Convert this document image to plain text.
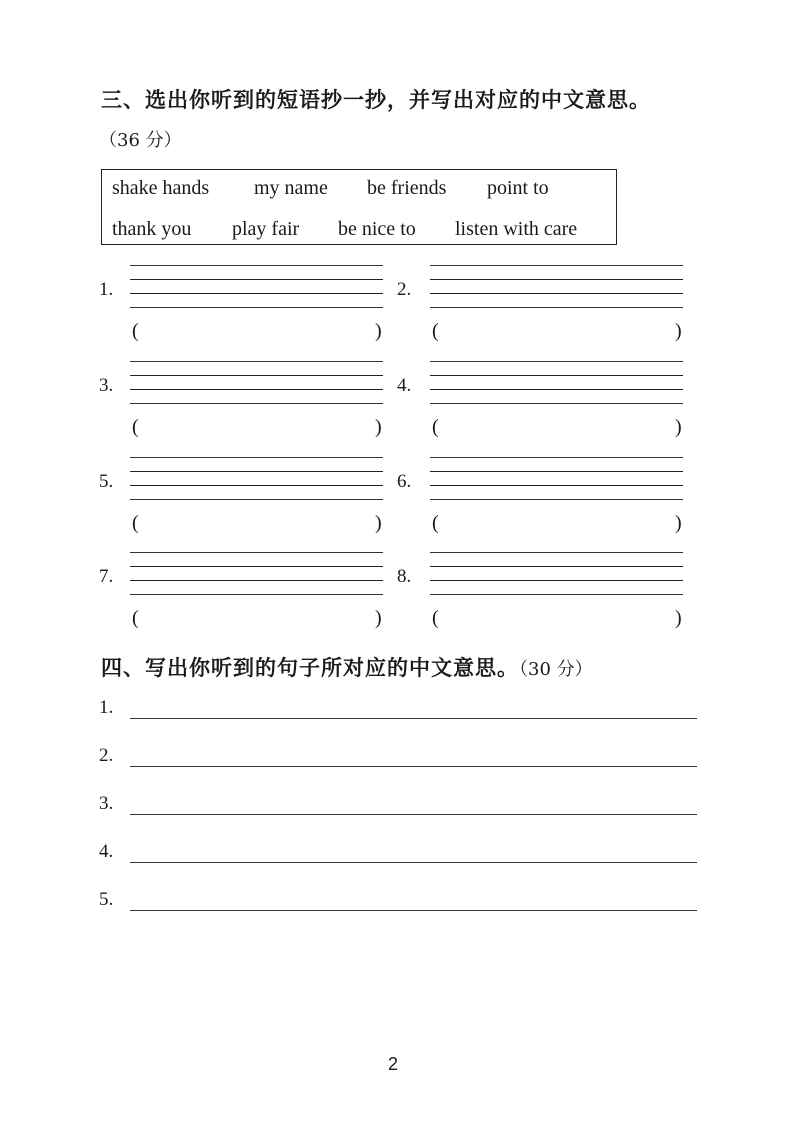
三、选出你听到的短语抄一抄，并写出对应的中文意思。
（36 分）
shake hands my name be friends point to
thank you play fair be nice to listen with care
1.
(	)
2.
(	)
3.
(	)
4.
(	)
5.
(	)
6.
(	)
7.
(	)
8.
(	)
四、写出你听到的句子所对应的中文意思。
（30 分）
1.
2.
3.
4.
5.
2
